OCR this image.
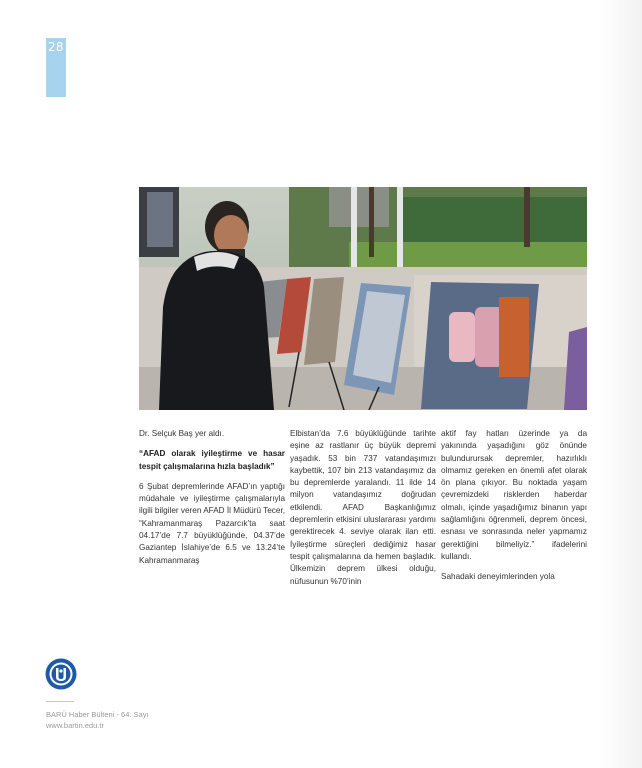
28

Dr. Selçuk Baş yer aldı.

“AFAD olarak iyileştirme ve hasar tespit çalışmalarına hızla başladık”

6 Şubat depremlerinde AFAD’ın yaptığı müdahale ve iyileştirme çalışmalarıyla ilgili bilgiler veren AFAD İl Müdürü Tecer, “Kahramanmaraş Pazarcık’ta saat 04.17’de 7.7 büyüklüğünde, 04.37’de Gaziantep İslahiye’de 6.5 ve 13.24’te Kahramanmaraş

Elbistan’da 7.6 büyüklüğünde tarihte eşine az rastlanır üç büyük depremi yaşadık. 53 bin 737 vatandaşımızı kaybettik, 107 bin 213 vatandaşımız da bu depremlerde yaralandı. 11 ilde 14 milyon vatandaşımız doğrudan etkilendi. AFAD Başkanlığımız depremlerin etkisini uluslararası yardımı gerektirecek 4. seviye olarak ilan etti. İyileştirme süreçleri dediğimiz hasar tespit çalışmalarına da hemen başladık. Ülkemizin deprem ülkesi olduğu, nüfusunun %70’inin

aktif fay hatları üzerinde ya da yakınında yaşadığını göz önünde bulundurursak depremler, hazırlıklı olmamız gereken en önemli afet olarak ön plana çıkıyor. Bu noktada yaşam çevremizdeki risklerden haberdar olmalı, içinde yaşadığımız binanın yapı sağlamlığını öğrenmeli, deprem öncesi, esnası ve sonrasında neler yapmamız gerektiğini bilmeliyiz.” ifadelerini kullandı.

Sahadaki deneyimlerinden yola

BARÜ Haber Bülteni - 64. Sayı
www.bartin.edu.tr
